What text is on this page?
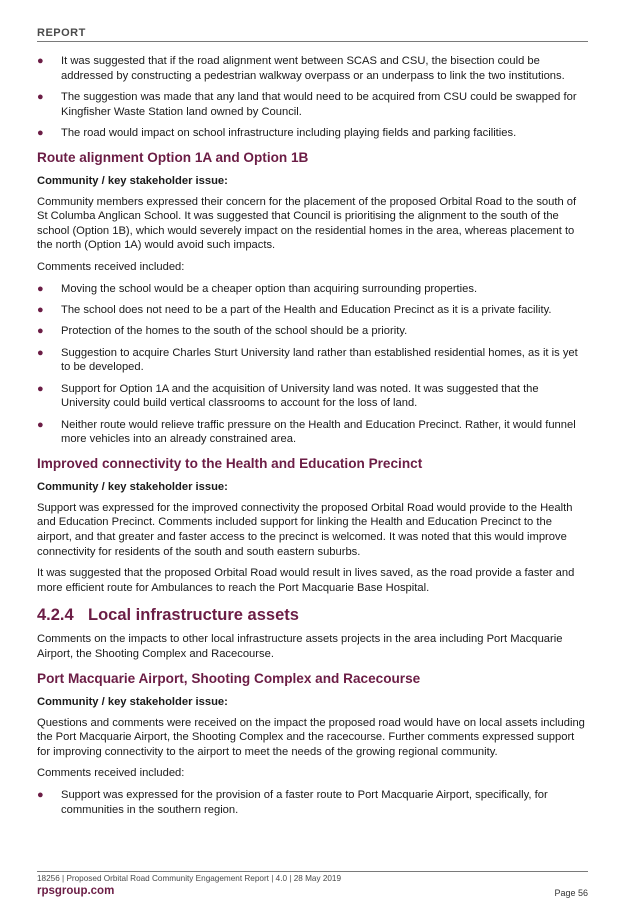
REPORT
● It was suggested that if the road alignment went between SCAS and CSU, the bisection could be addressed by constructing a pedestrian walkway overpass or an underpass to link the two institutions.
● The suggestion was made that any land that would need to be acquired from CSU could be swapped for Kingfisher Waste Station land owned by Council.
● The road would impact on school infrastructure including playing fields and parking facilities.
Route alignment Option 1A and Option 1B
Community / key stakeholder issue:
Community members expressed their concern for the placement of the proposed Orbital Road to the south of St Columba Anglican School. It was suggested that Council is prioritising the alignment to the south of the school (Option 1B), which would severely impact on the residential homes in the area, whereas placement to the north (Option 1A) would avoid such impacts.
Comments received included:
● Moving the school would be a cheaper option than acquiring surrounding properties.
● The school does not need to be a part of the Health and Education Precinct as it is a private facility.
● Protection of the homes to the south of the school should be a priority.
● Suggestion to acquire Charles Sturt University land rather than established residential homes, as it is yet to be developed.
● Support for Option 1A and the acquisition of University land was noted. It was suggested that the University could build vertical classrooms to account for the loss of land.
● Neither route would relieve traffic pressure on the Health and Education Precinct. Rather, it would funnel more vehicles into an already constrained area.
Improved connectivity to the Health and Education Precinct
Community / key stakeholder issue:
Support was expressed for the improved connectivity the proposed Orbital Road would provide to the Health and Education Precinct. Comments included support for linking the Health and Education Precinct to the airport, and that greater and faster access to the precinct is welcomed. It was noted that this would improve connectivity for residents of the south and south eastern suburbs.
It was suggested that the proposed Orbital Road would result in lives saved, as the road provide a faster and more efficient route for Ambulances to reach the Port Macquarie Base Hospital.
4.2.4 Local infrastructure assets
Comments on the impacts to other local infrastructure assets projects in the area including Port Macquarie Airport, the Shooting Complex and Racecourse.
Port Macquarie Airport, Shooting Complex and Racecourse
Community / key stakeholder issue:
Questions and comments were received on the impact the proposed road would have on local assets including the Port Macquarie Airport, the Shooting Complex and the racecourse. Further comments expressed support for improving connectivity to the airport to meet the needs of the growing regional community.
Comments received included:
● Support was expressed for the provision of a faster route to Port Macquarie Airport, specifically, for communities in the southern region.
18256 | Proposed Orbital Road Community Engagement Report | 4.0 | 28 May 2019
rpsgroup.com	Page 56
